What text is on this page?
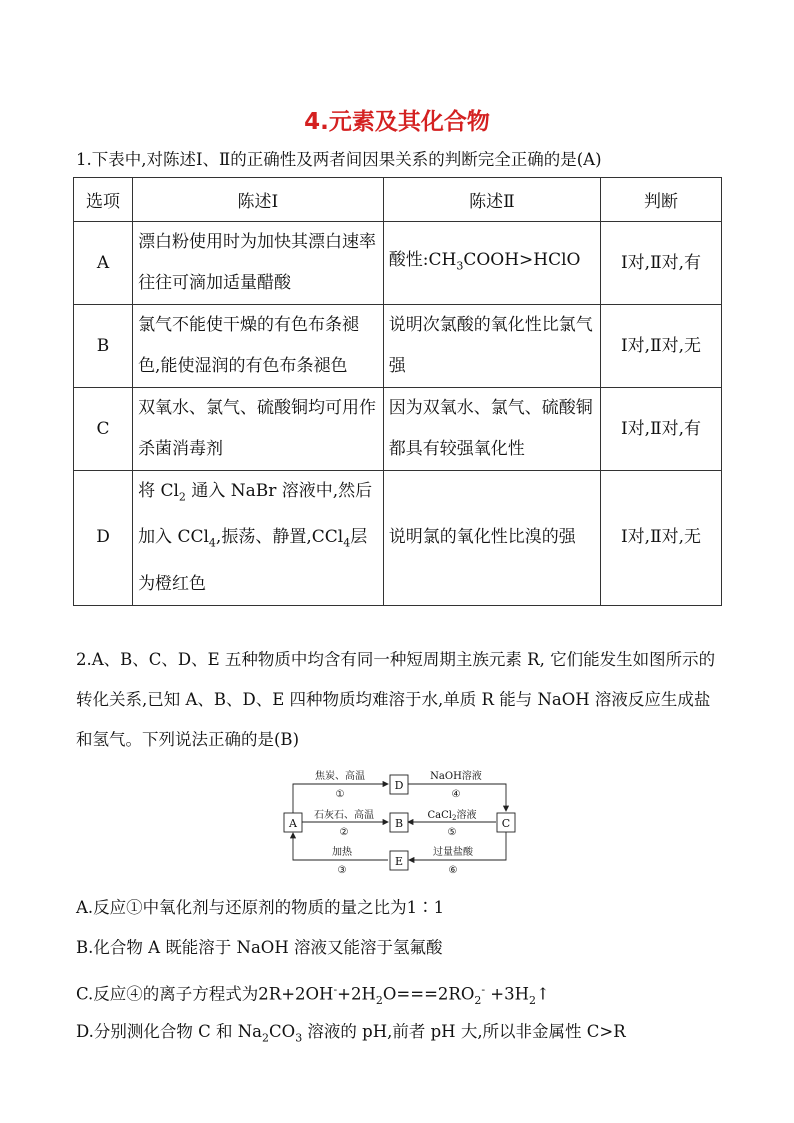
4.元素及其化合物
1.下表中,对陈述Ⅰ、Ⅱ的正确性及两者间因果关系的判断完全正确的是(A)
选项	陈述Ⅰ	陈述Ⅱ	判断
A	漂白粉使用时为加快其漂白速率往往可滴加适量醋酸	酸性$:CH_3COOH>HClO$	Ⅰ对,Ⅱ对,有
B	氯气不能使干燥的有色布条褪色,能使湿润的有色布条褪色	说明次氯酸的氧化性比氯气强	Ⅰ对,Ⅱ对,无
C	双氧水、氯气、硫酸铜均可用作杀菌消毒剂	因为双氧水、氯气、硫酸铜都具有较强氧化性	Ⅰ对,Ⅱ对,有
D	将 $Cl_2$ 通入 NaBr 溶液中,然后加入 CCl$_4$,振荡、静置,CCl$_4$层为橙红色	说明氯的氧化性比溴的强	Ⅰ对,Ⅱ对,无
2.A、B、C、D、E 五种物质中均含有同一种短周期主族元素 R, 它们能发生如图所示的转化关系,已知 A、B、D、E 四种物质均难溶于水,单质 R 能与 NaOH 溶液反应生成盐和氢气。下列说法正确的是(B)
A
D
B	C
E
焦炭、高温
①
NaOH溶液
④
石灰石、高温
②
CaCl$_2$溶液
⑤
加热
③
过量盐酸
⑥
A.反应①中氧化剂与还原剂的物质的量之比为1∶1
B.化合物 A 既能溶于 NaOH 溶液又能溶于氢氟酸
C.反应④的离子方程式为$2R+2OH^-+2H_2O===2RO_2^-$ $+3H_2↑$
D.分别测化合物 C 和 $Na_2CO_3$ 溶液的 pH,前者 pH 大,所以非金属性 C>R
